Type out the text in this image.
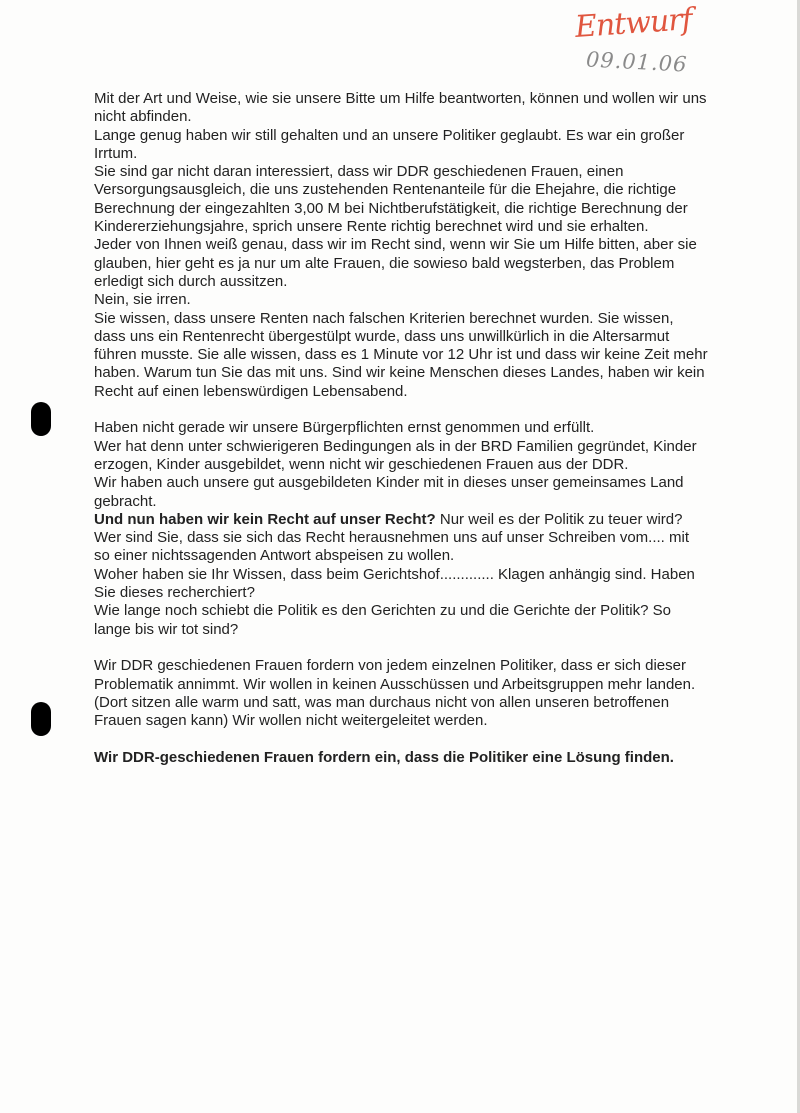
Entwurf
09.01.06

Mit der Art und Weise, wie sie unsere Bitte um Hilfe beantworten, können und wollen wir uns nicht abfinden.

Lange genug haben wir still gehalten und an unsere Politiker geglaubt. Es war ein großer Irrtum.

Sie sind gar nicht daran interessiert, dass wir DDR geschiedenen Frauen, einen Versorgungsausgleich, die uns zustehenden Rentenanteile für die Ehejahre, die richtige Berechnung der eingezahlten 3,00 M bei Nichtberufstätigkeit, die richtige Berechnung der Kindererziehungsjahre, sprich unsere Rente richtig berechnet wird und sie erhalten.

Jeder von Ihnen weiß genau, dass wir im Recht sind, wenn wir Sie um Hilfe bitten, aber sie glauben, hier geht es ja nur um alte Frauen, die sowieso bald wegsterben, das Problem erledigt sich durch aussitzen.

Nein, sie irren.

Sie wissen, dass unsere Renten nach falschen Kriterien berechnet wurden. Sie wissen, dass uns ein Rentenrecht übergestülpt wurde, dass uns unwillkürlich in die Altersarmut führen musste. Sie alle wissen, dass es 1 Minute vor 12 Uhr ist und dass wir keine Zeit mehr haben. Warum tun Sie das mit uns. Sind wir keine Menschen dieses Landes, haben wir kein Recht auf einen lebenswürdigen Lebensabend.

Haben nicht gerade wir unsere Bürgerpflichten ernst genommen und erfüllt.

Wer hat denn unter schwierigeren Bedingungen als in der BRD Familien gegründet, Kinder erzogen, Kinder ausgebildet, wenn nicht wir geschiedenen Frauen aus der DDR.

Wir haben auch unsere gut ausgebildeten Kinder mit in dieses unser gemeinsames Land gebracht.

Und nun haben wir kein Recht auf unser Recht? Nur weil es der Politik zu teuer wird?

Wer sind Sie, dass sie sich das Recht herausnehmen uns auf unser Schreiben vom.... mit so einer nichtssagenden Antwort abspeisen zu wollen.

Woher haben sie Ihr Wissen, dass beim Gerichtshof............. Klagen anhängig sind. Haben Sie dieses recherchiert?

Wie lange noch schiebt die Politik es den Gerichten zu und die Gerichte der Politik? So lange bis wir tot sind?

Wir DDR geschiedenen Frauen fordern von jedem einzelnen Politiker, dass er sich dieser Problematik annimmt. Wir wollen in keinen Ausschüssen und Arbeitsgruppen mehr landen.(Dort sitzen alle warm und satt, was man durchaus nicht von allen unseren betroffenen Frauen sagen kann) Wir wollen nicht weitergeleitet werden.

Wir DDR-geschiedenen Frauen fordern ein, dass die Politiker eine Lösung finden.
